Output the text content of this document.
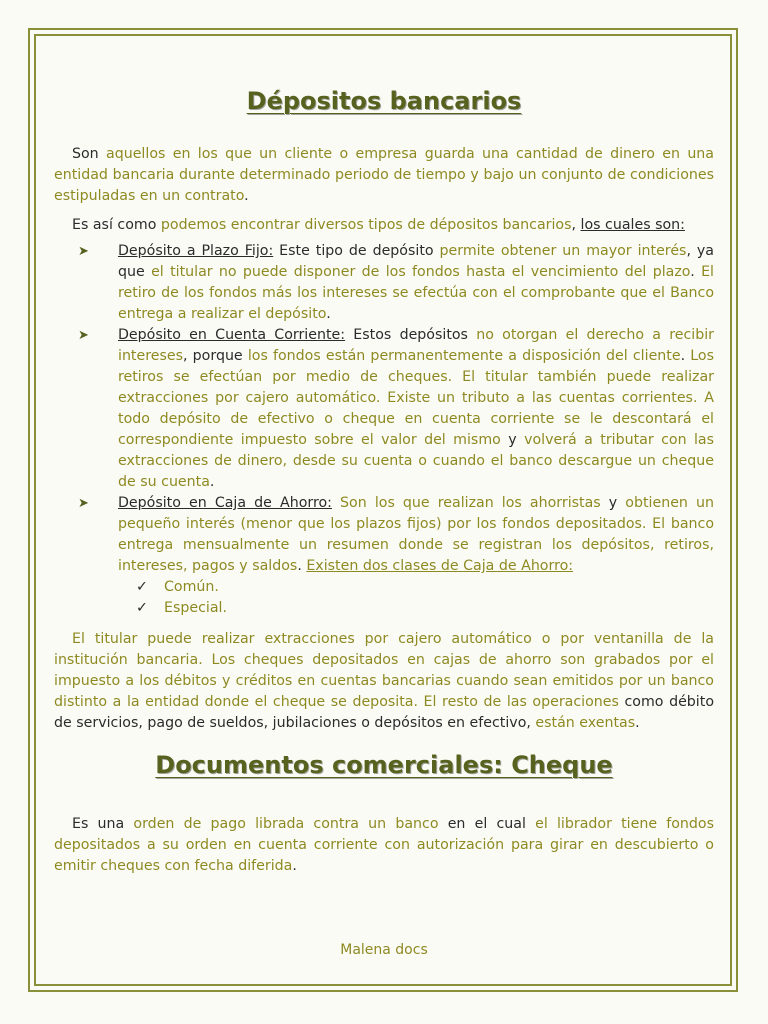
Dépositos bancarios

Son aquellos en los que un cliente o empresa guarda una cantidad de dinero en una entidad bancaria durante determinado periodo de tiempo y bajo un conjunto de condiciones estipuladas en un contrato.

Es así como podemos encontrar diversos tipos de dépositos bancarios, los cuales son:

➤ Depósito a Plazo Fijo: Este tipo de depósito permite obtener un mayor interés, ya que el titular no puede disponer de los fondos hasta el vencimiento del plazo. El retiro de los fondos más los intereses se efectúa con el comprobante que el Banco entrega a realizar el depósito.
➤ Depósito en Cuenta Corriente: Estos depósitos no otorgan el derecho a recibir intereses, porque los fondos están permanentemente a disposición del cliente. Los retiros se efectúan por medio de cheques. El titular también puede realizar extracciones por cajero automático. Existe un tributo a las cuentas corrientes. A todo depósito de efectivo o cheque en cuenta corriente se le descontará el correspondiente impuesto sobre el valor del mismo y volverá a tributar con las extracciones de dinero, desde su cuenta o cuando el banco descargue un cheque de su cuenta.
➤ Depósito en Caja de Ahorro: Son los que realizan los ahorristas y obtienen un pequeño interés (menor que los plazos fijos) por los fondos depositados. El banco entrega mensualmente un resumen donde se registran los depósitos, retiros, intereses, pagos y saldos. Existen dos clases de Caja de Ahorro:
✓ Común.
✓ Especial.

El titular puede realizar extracciones por cajero automático o por ventanilla de la institución bancaria. Los cheques depositados en cajas de ahorro son grabados por el impuesto a los débitos y créditos en cuentas bancarias cuando sean emitidos por un banco distinto a la entidad donde el cheque se deposita. El resto de las operaciones como débito de servicios, pago de sueldos, jubilaciones o depósitos en efectivo, están exentas.

Documentos comerciales: Cheque

Es una orden de pago librada contra un banco en el cual el librador tiene fondos depositados a su orden en cuenta corriente con autorización para girar en descubierto o emitir cheques con fecha diferida.

Malena docs
